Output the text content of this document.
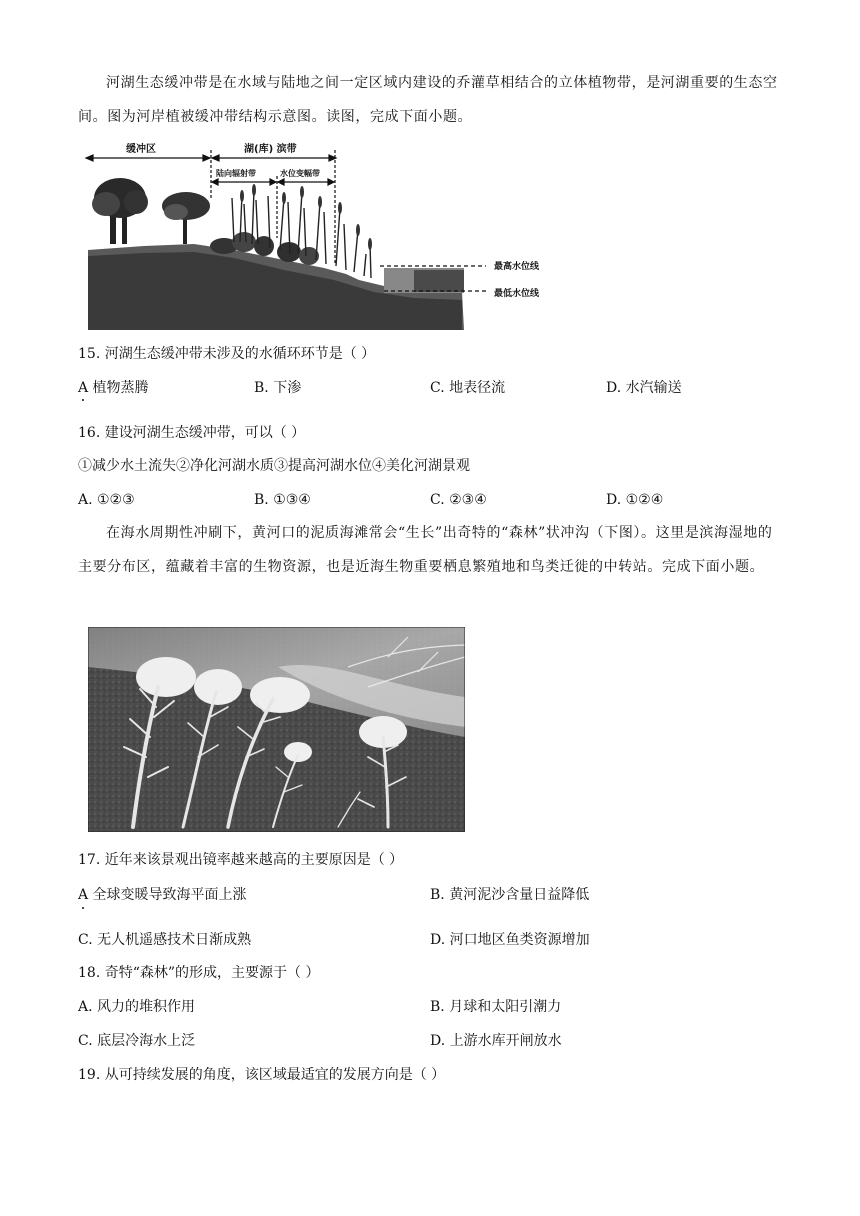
河湖生态缓冲带是在水域与陆地之间一定区域内建设的乔灌草相结合的立体植物带，是河湖重要的生态空间。图为河岸植被缓冲带结构示意图。读图，完成下面小题。
缓冲区	湖(库) 滨带
陆向辐射带	水位变幅带
最高水位线
最低水位线
15. 河湖生态缓冲带未涉及的水循环环节是（ ）
A 植物蒸腾	B. 下渗	C. 地表径流	D. 水汽输送
16. 建设河湖生态缓冲带，可以（ ）
①减少水土流失②净化河湖水质③提高河湖水位④美化河湖景观
A. ①②③	B. ①③④	C. ②③④	D. ①②④
在海水周期性冲刷下，黄河口的泥质海滩常会“生长”出奇特的“森林”状冲沟（下图）。这里是滨海湿地的主要分布区，蕴藏着丰富的生物资源，也是近海生物重要栖息繁殖地和鸟类迁徙的中转站。完成下面小题。
17. 近年来该景观出镜率越来越高的主要原因是（ ）
A 全球变暖导致海平面上涨	B. 黄河泥沙含量日益降低
C. 无人机遥感技术日渐成熟	D. 河口地区鱼类资源增加
18. 奇特“森林”的形成，主要源于（ ）
A. 风力的堆积作用	B. 月球和太阳引潮力
C. 底层冷海水上泛	D. 上游水库开闸放水
19. 从可持续发展的角度，该区域最适宜的发展方向是（ ）
